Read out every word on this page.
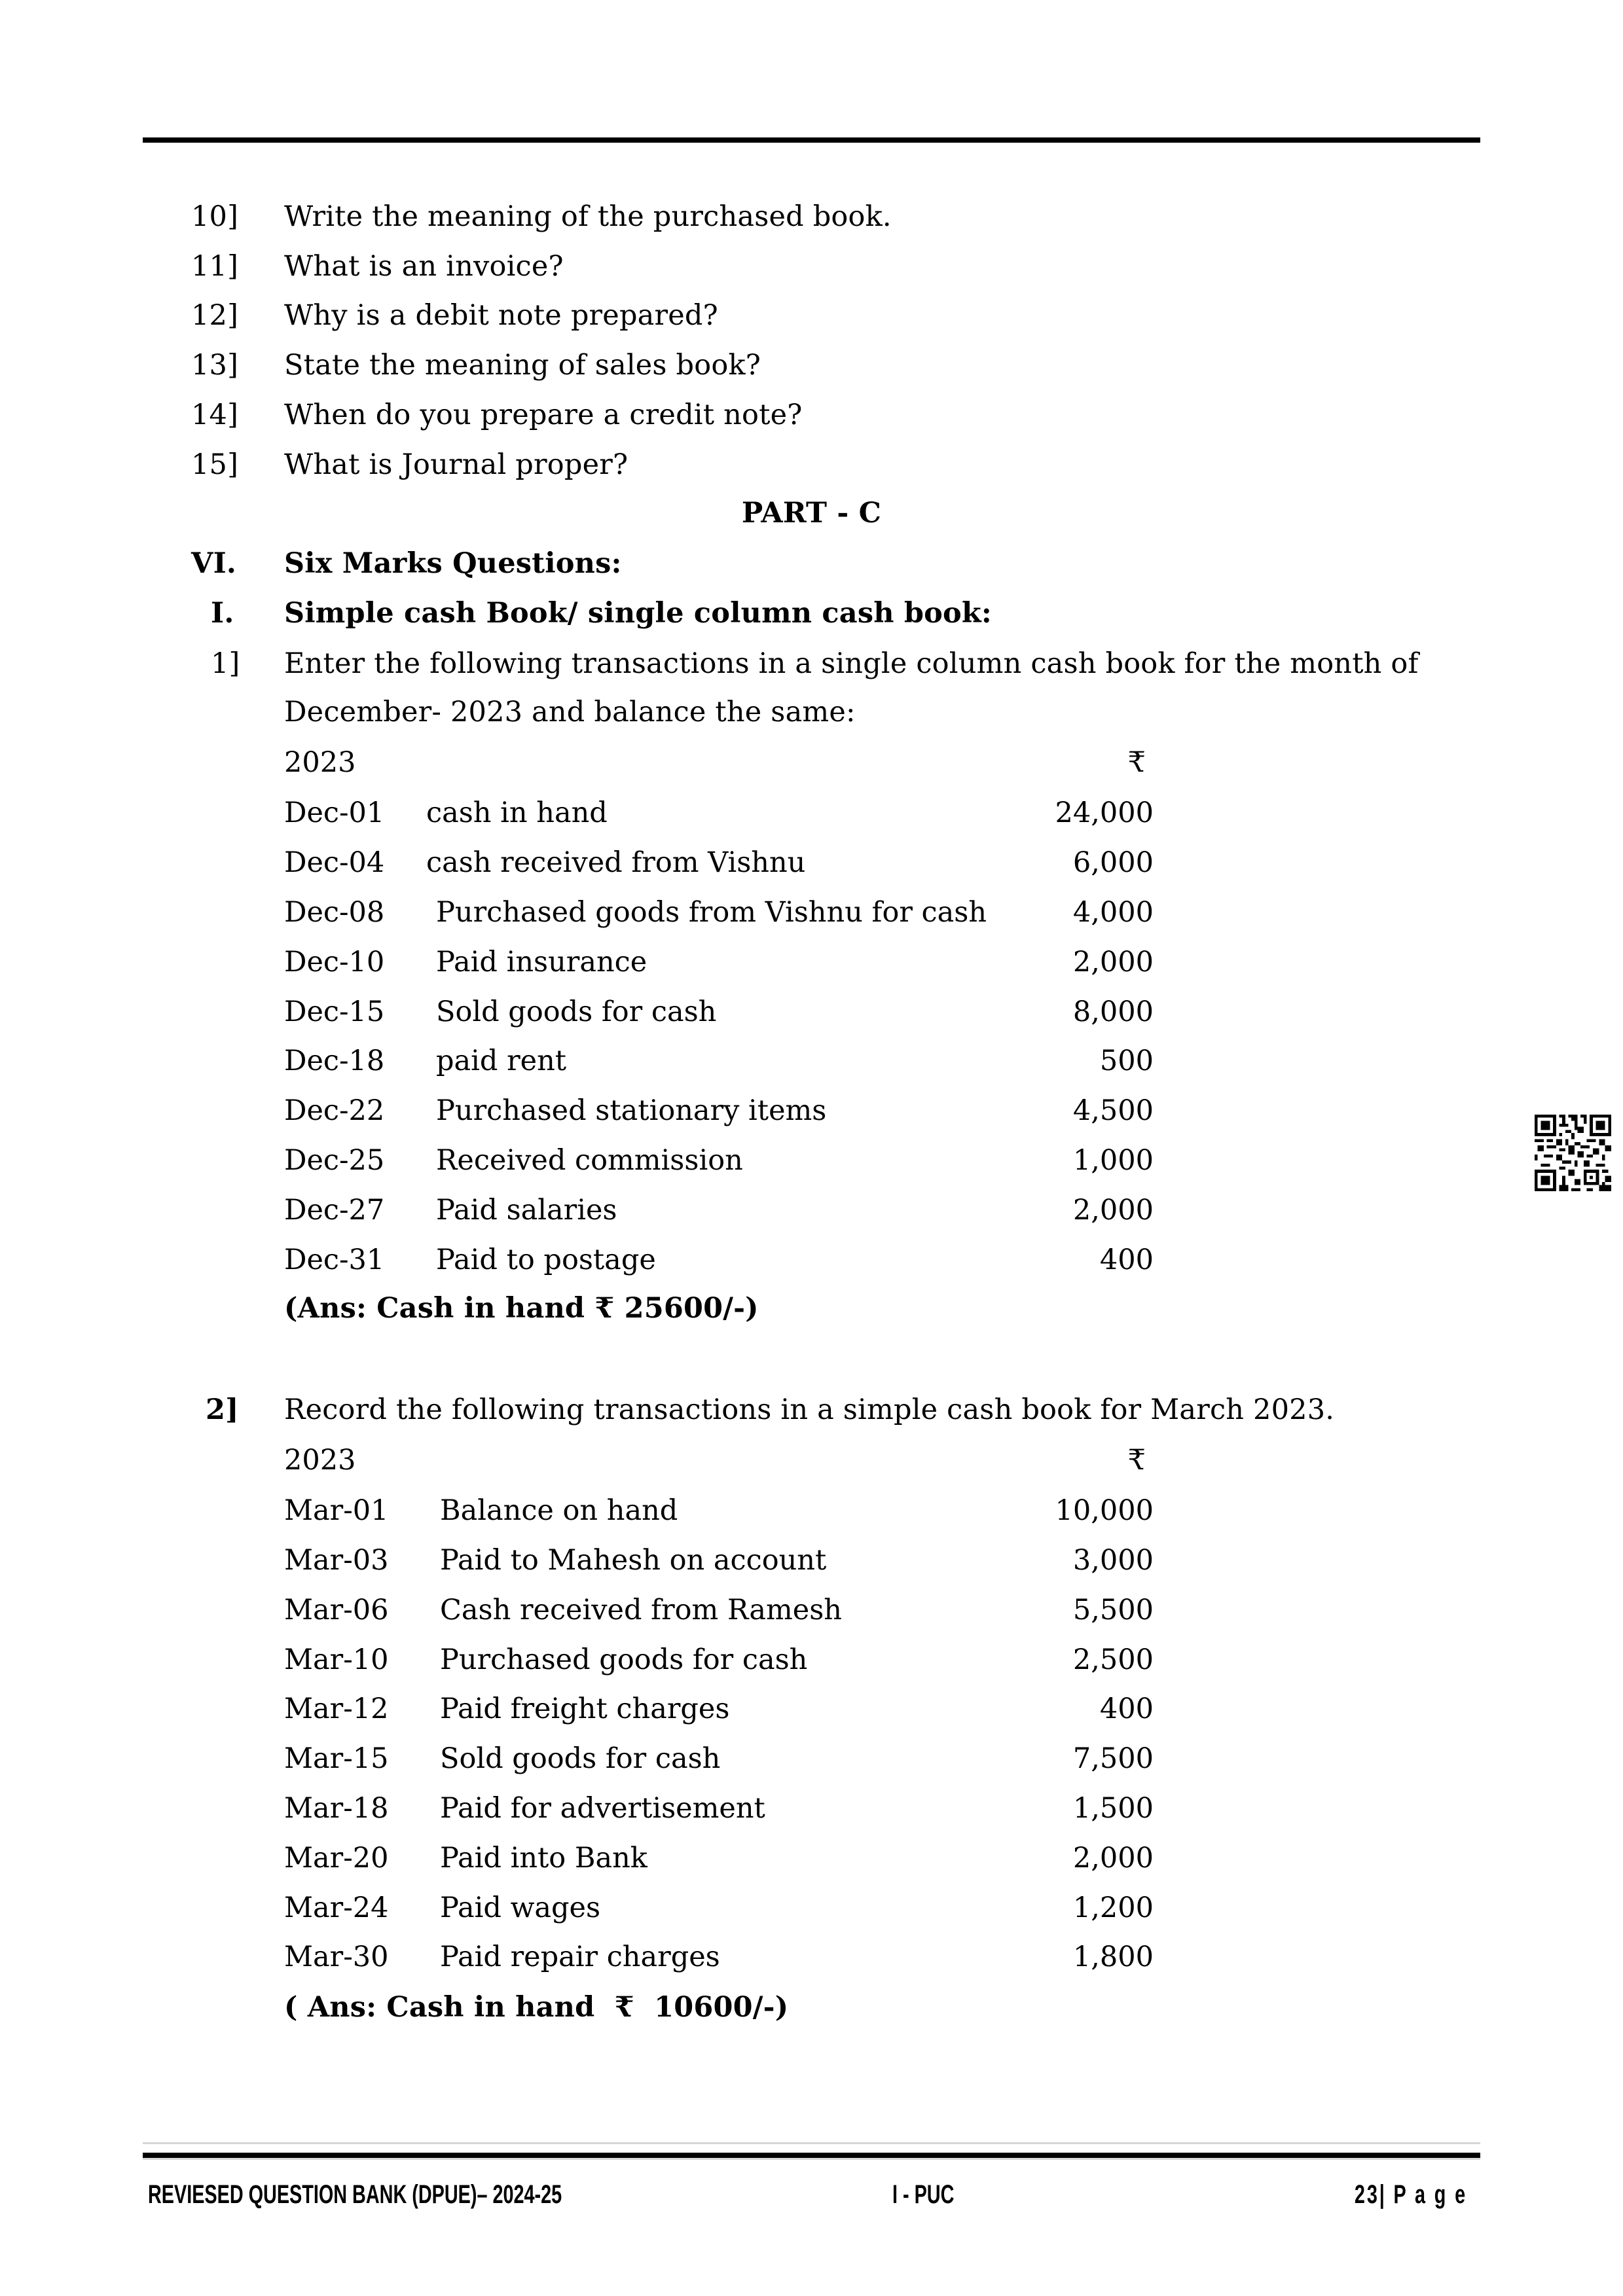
10] Write the meaning of the purchased book.
11] What is an invoice?
12] Why is a debit note prepared?
13] State the meaning of sales book?
14] When do you prepare a credit note?
15] What is Journal proper?
PART - C
VI. Six Marks Questions:
I. Simple cash Book/ single column cash book:
1] Enter the following transactions in a single column cash book for the month of
December- 2023 and balance the same:
2023	₹
Dec-01 cash in hand	24,000
Dec-04 cash received from Vishnu	6,000
Dec-08 Purchased goods from Vishnu for cash	4,000
Dec-10 Paid insurance	2,000
Dec-15 Sold goods for cash	8,000
Dec-18 paid rent	500
Dec-22 Purchased stationary items	4,500
Dec-25 Received commission	1,000
Dec-27 Paid salaries	2,000
Dec-31 Paid to postage	400
(Ans: Cash in hand ₹ 25600/-)
2] Record the following transactions in a simple cash book for March 2023.
2023	₹
Mar-01 Balance on hand	10,000
Mar-03 Paid to Mahesh on account	3,000
Mar-06 Cash received from Ramesh	5,500
Mar-10 Purchased goods for cash	2,500
Mar-12 Paid freight charges	400
Mar-15 Sold goods for cash	7,500
Mar-18 Paid for advertisement	1,500
Mar-20 Paid into Bank	2,000
Mar-24 Paid wages	1,200
Mar-30 Paid repair charges	1,800
( Ans: Cash in hand  ₹  10600/-)
REVIESED QUESTION BANK (DPUE)– 2024-25	I - PUC	23| P a g e
